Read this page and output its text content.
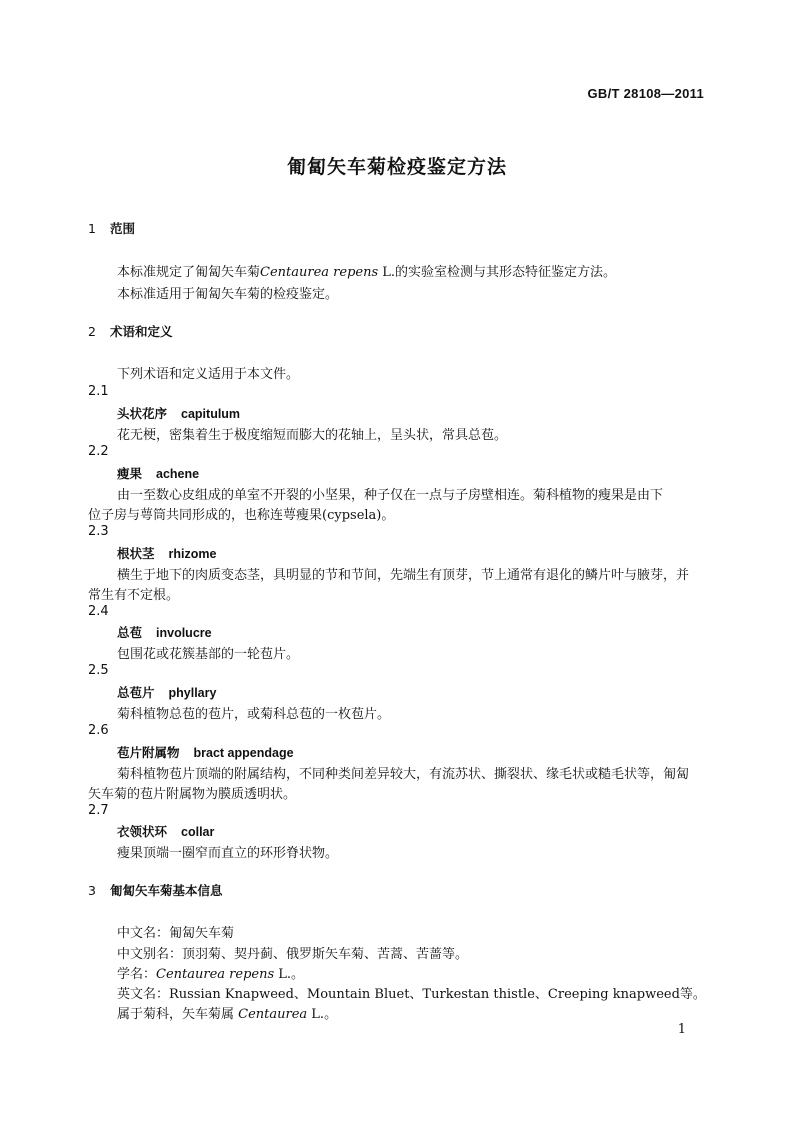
GB/T 28108—2011
匍匐矢车菊检疫鉴定方法
1 范围
本标准规定了匍匐矢车菊Centaurea repens L.的实验室检测与其形态特征鉴定方法。
本标准适用于匍匐矢车菊的检疫鉴定。
2 术语和定义
下列术语和定义适用于本文件。
2.1
头状花序 capitulum
花无梗，密集着生于极度缩短而膨大的花轴上，呈头状，常具总苞。
2.2
瘦果 achene
由一至数心皮组成的单室不开裂的小坚果，种子仅在一点与子房壁相连。菊科植物的瘦果是由下
位子房与萼筒共同形成的，也称连萼瘦果(cypsela)。
2.3
根状茎 rhizome
横生于地下的肉质变态茎，具明显的节和节间，先端生有顶芽，节上通常有退化的鳞片叶与腋芽，并
常生有不定根。
2.4
总苞 involucre
包围花或花簇基部的一轮苞片。
2.5
总苞片 phyllary
菊科植物总苞的苞片，或菊科总苞的一枚苞片。
2.6
苞片附属物 bract appendage
菊科植物苞片顶端的附属结构，不同种类间差异较大，有流苏状、撕裂状、缘毛状或糙毛状等，匍匐
矢车菊的苞片附属物为膜质透明状。
2.7
衣领状环 collar
瘦果顶端一圈窄而直立的环形脊状物。
3 匍匐矢车菊基本信息
中文名：匍匐矢车菊
中文别名：顶羽菊、契丹蓟、俄罗斯矢车菊、苦蒿、苦蔷等。
学名：Centaurea repens L.。
英文名：Russian Knapweed、Mountain Bluet、Turkestan thistle、Creeping knapweed等。
属于菊科，矢车菊属 Centaurea L.。
1
